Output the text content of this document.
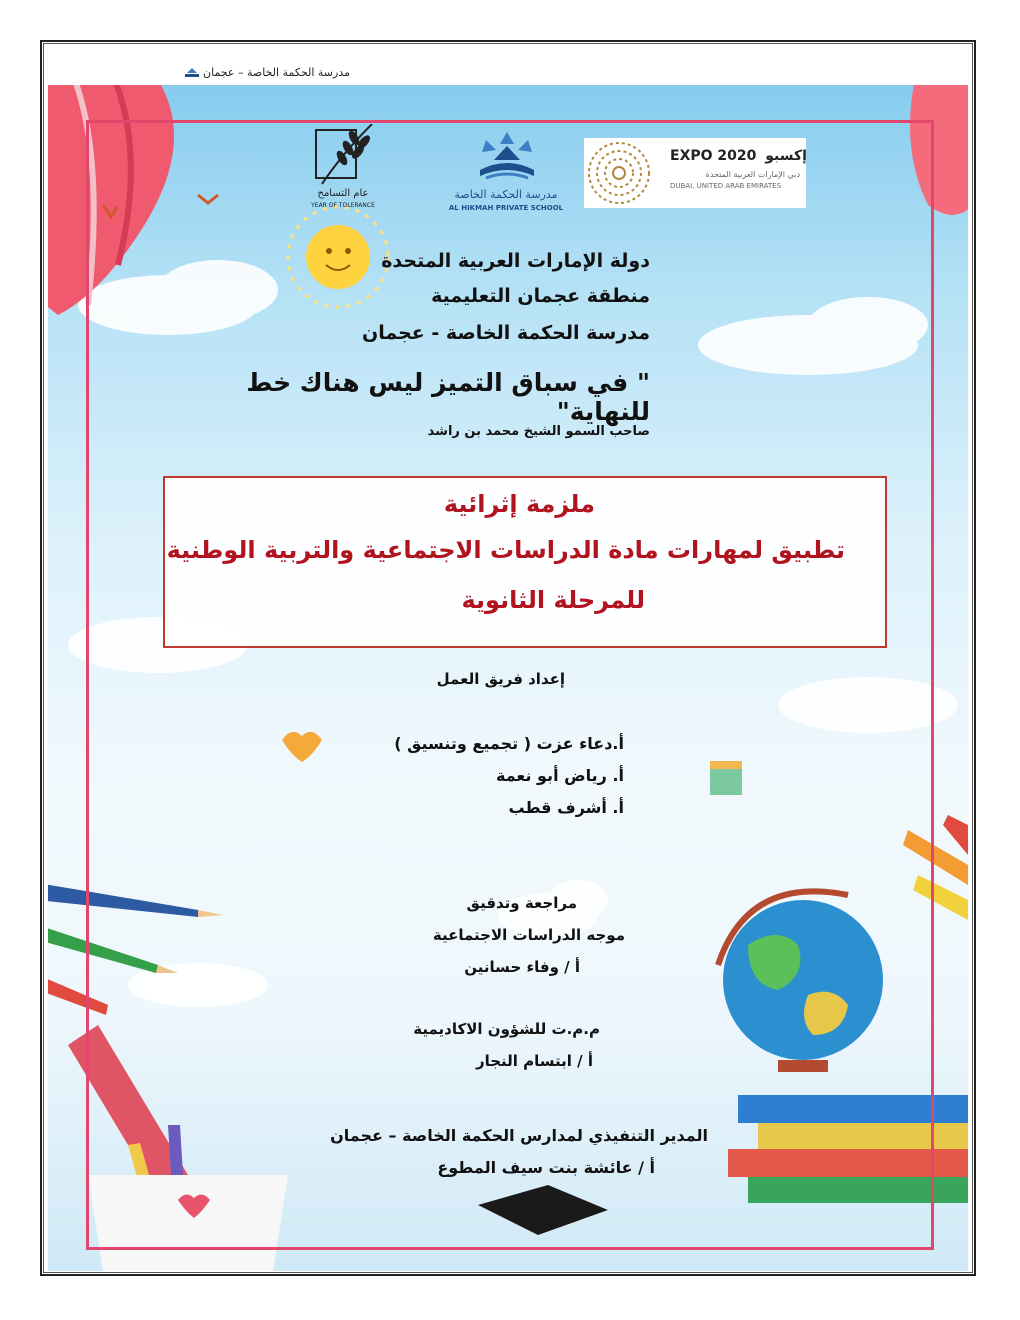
مدرسة الحكمة الخاصة – عجمان
EXPO 2020 إكسبو
دبي الإمارات العربية المتحدة
DUBAI, UNITED ARAB EMIRATES
مدرسة الحكمة الخاصة
AL HIKMAH PRIVATE SCHOOL
عام التسامح
YEAR OF TOLERANCE
دولة الإمارات العربية المتحدة
منطقة عجمان التعليمية
مدرسة الحكمة الخاصة - عجمان
" في سباق التميز ليس هناك خط للنهاية"
صاحب السمو الشيخ محمد بن راشد
ملزمة إثرائية
تطبيق لمهارات مادة الدراسات الاجتماعية والتربية الوطنية
للمرحلة الثانوية
إعداد فريق العمل
أ.دعاء عزت ( تجميع وتنسيق )
أ. رياض أبو نعمة
أ. أشرف قطب
مراجعة وتدقيق
موجه الدراسات الاجتماعية
أ / وفاء حسانين
م.م.ت للشؤون الاكاديمية
أ / ابتسام النجار
المدير التنفيذي لمدارس الحكمة الخاصة – عجمان
أ / عائشة بنت سيف المطوع
